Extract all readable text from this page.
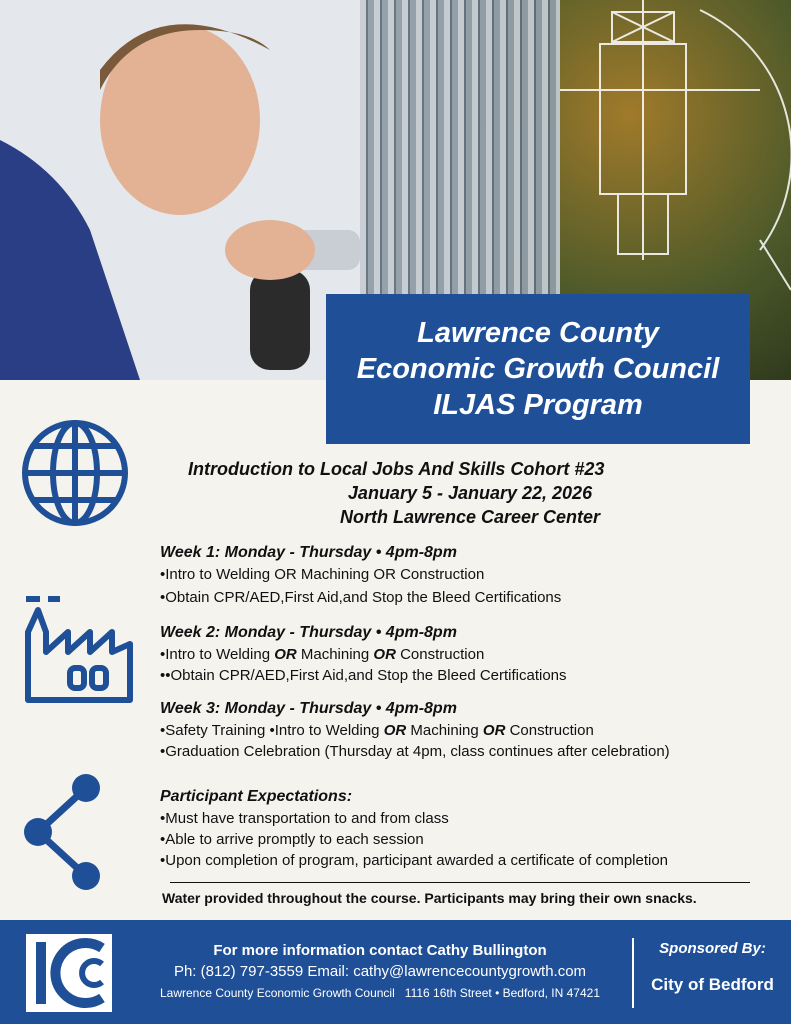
Lawrence County
Economic Growth Council
ILJAS Program
Introduction to Local Jobs And Skills Cohort #23
January 5 - January 22, 2026
North Lawrence Career Center
Week 1: Monday - Thursday • 4pm-8pm

•Intro to Welding OR Machining OR Construction

•Obtain CPR/AED,First Aid,and Stop the Bleed Certifications

Week 2: Monday - Thursday • 4pm-8pm

•Intro to Welding OR Machining OR Construction

••Obtain CPR/AED,First Aid,and Stop the Bleed Certifications

Week 3: Monday - Thursday • 4pm-8pm

•Safety Training •Intro to Welding OR Machining OR Construction

•Graduation Celebration (Thursday at 4pm, class continues after celebration)

Participant Expectations:

•Must have transportation to and from class

•Able to arrive promptly to each session

•Upon completion of program, participant awarded a certificate of completion

Water provided throughout the course. Participants may bring their own snacks.
For more information contact Cathy Bullington
Ph: (812) 797-3559 Email: cathy@lawrencecountygrowth.com
Lawrence County Economic Growth Council 1116 16th Street • Bedford, IN 47421
Sponsored By:
City of Bedford
